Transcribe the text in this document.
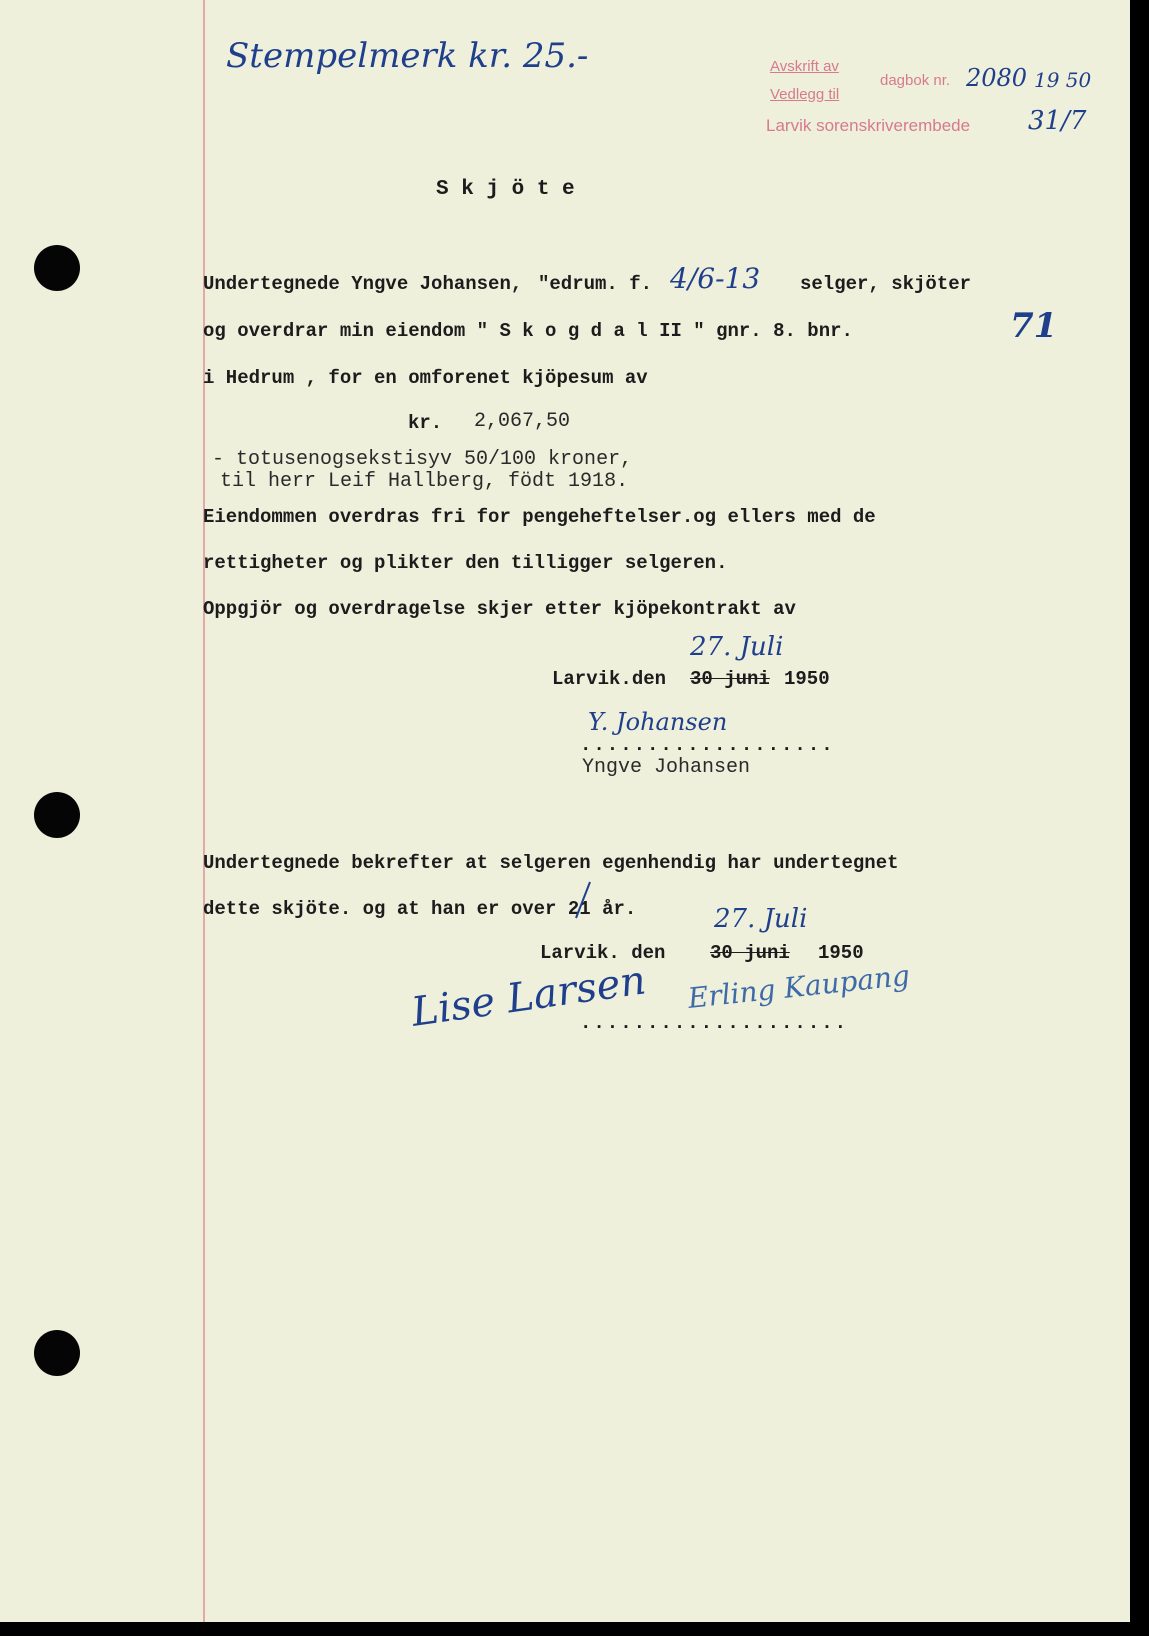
Stempelmerk kr. 25.-	Avskrift av
dagbok nr. 2080 19 50
Vedlegg til
Larvik sorenskriverembede 31/7
S k j ö t e
Undertegnede Yngve Johansen, "edrum. f. 4/6-13 selger, skjöter
og overdrar min eiendom " S k o g d a l II " gnr. 8. bnr.	71
i Hedrum , for en omforenet kjöpesum av
kr. 2,067,50
- totusenogsekstisyv 50/100 kroner,
til herr Leif Hallberg, födt 1918.
Eiendommen overdras fri for pengeheftelser.og ellers med de
rettigheter og plikter den tilligger selgeren.
Oppgjör og overdragelse skjer etter kjöpekontrakt av
27. Juli
Larvik.den 30 juni 1950
Y. Johansen
...................
Yngve Johansen
Undertegnede bekrefter at selgeren egenhendig har undertegnet
dette skjöte. og at han er over 21 år.	27. Juli
Larvik. den 30 juni 1950
Lise Larsen Erling Kaupang
....................
